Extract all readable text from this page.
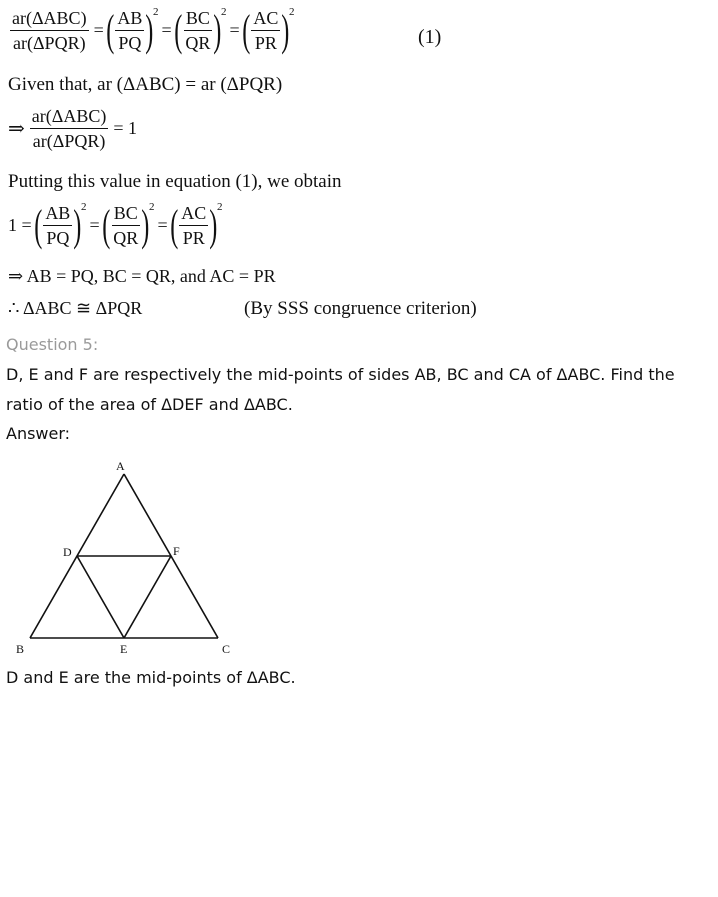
$\frac{\text{ar(ΔABC)}}{\text{ar(ΔPQR)}}$ = ( $\frac{AB}{PQ}$ ) 2
= ( $\frac{BC}{QR}$ ) 2
= ( $\frac{AC}{PR}$ ) 2
(1)
Given that, ar (ΔABC) = ar (ΔPQR)
⇒ $\frac{\text{ar(ΔABC)}}{\text{ar(ΔPQR)}} = 1$
Putting this value in equation (1), we obtain
1 = ( $\frac{AB}{PQ}$ ) 2
= ( $\frac{BC}{QR}$ ) 2
= ( $\frac{AC}{PR}$ ) 2
⇒ AB = PQ, BC = QR, and AC = PR
∴ ΔABC ≅ ΔPQR	(By SSS congruence criterion)
Question 5:
D, E and F are respectively the mid-points of sides AB, BC and CA of ΔABC. Find the ratio of the area of ΔDEF and ΔABC.
Answer:
A
B	C
D
E
F
D and E are the mid-points of ΔABC.
